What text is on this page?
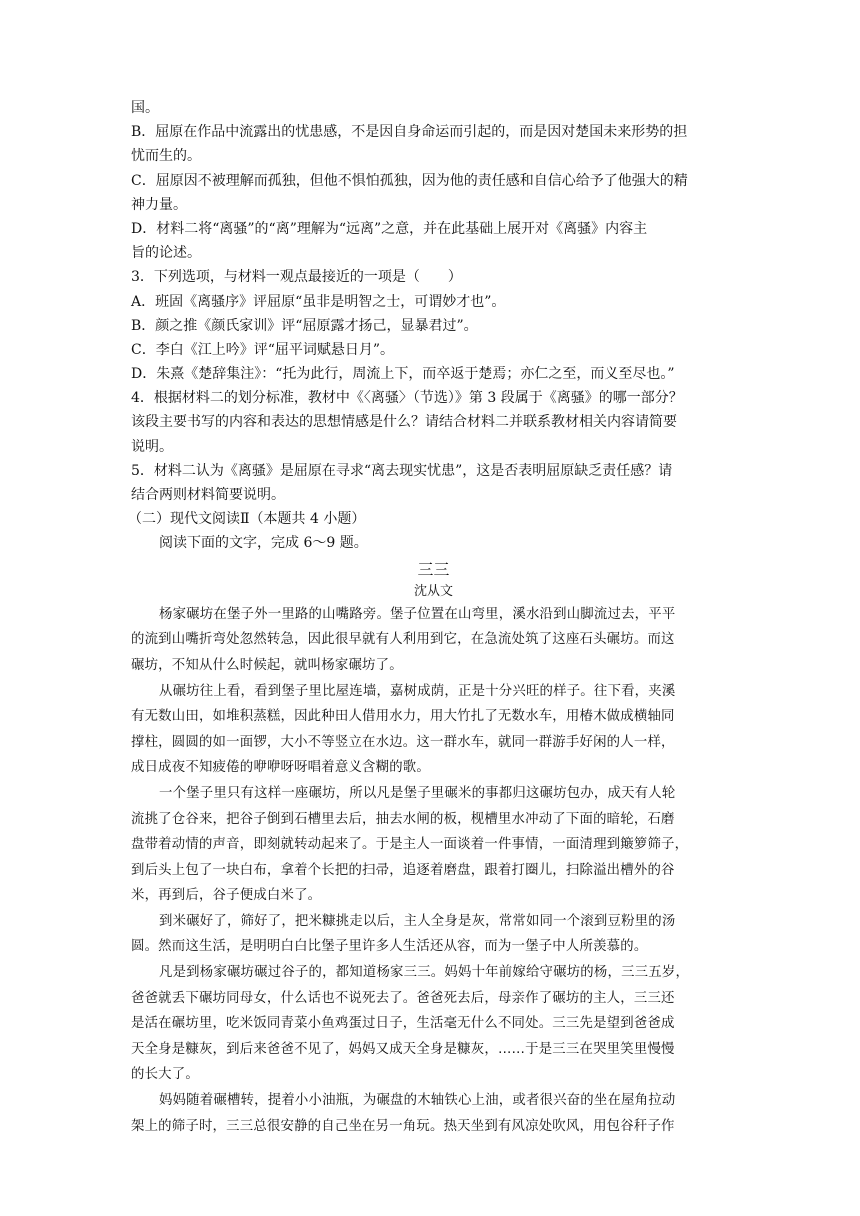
国。
B．屈原在作品中流露出的忧患感，不是因自身命运而引起的，而是因对楚国未来形势的担
忧而生的。
C．屈原因不被理解而孤独，但他不惧怕孤独，因为他的责任感和自信心给予了他强大的精
神力量。
D．材料二将“离骚”的“离”理解为“远离”之意，并在此基础上展开对《离骚》内容主
旨的论述。
3．下列选项，与材料一观点最接近的一项是（　　）
A．班固《离骚序》评屈原“虽非是明智之士，可谓妙才也”。
B．颜之推《颜氏家训》评“屈原露才扬己，显暴君过”。
C．李白《江上吟》评“屈平词赋悬日月”。
D．朱熹《楚辞集注》：“托为此行，周流上下，而卒返于楚焉；亦仁之至，而义至尽也。”
4．根据材料二的划分标准，教材中《〈离骚〉（节选）》第 3 段属于《离骚》的哪一部分？
该段主要书写的内容和表达的思想情感是什么？请结合材料二并联系教材相关内容请简要
说明。
5．材料二认为《离骚》是屈原在寻求“离去现实忧患”，这是否表明屈原缺乏责任感？请
结合两则材料简要说明。
（二）现代文阅读Ⅱ（本题共 4 小题）
阅读下面的文字，完成 6～9 题。
三三
沈从文
杨家碾坊在堡子外一里路的山嘴路旁。堡子位置在山弯里，溪水沿到山脚流过去，平平
的流到山嘴折弯处忽然转急，因此很早就有人利用到它，在急流处筑了这座石头碾坊。而这
碾坊，不知从什么时候起，就叫杨家碾坊了。
从碾坊往上看，看到堡子里比屋连墙，嘉树成荫，正是十分兴旺的样子。往下看，夹溪
有无数山田，如堆积蒸糕，因此种田人借用水力，用大竹扎了无数水车，用椿木做成横轴同
撑柱，圆圆的如一面锣，大小不等竖立在水边。这一群水车，就同一群游手好闲的人一样，
成日成夜不知疲倦的咿咿呀呀唱着意义含糊的歌。
一个堡子里只有这样一座碾坊，所以凡是堡子里碾米的事都归这碾坊包办，成天有人轮
流挑了仓谷来，把谷子倒到石槽里去后，抽去水闸的板，枧槽里水冲动了下面的暗轮，石磨
盘带着动情的声音，即刻就转动起来了。于是主人一面谈着一件事情，一面清理到簸箩筛子，
到后头上包了一块白布，拿着个长把的扫帚，追逐着磨盘，跟着打圈儿，扫除溢出槽外的谷
米，再到后，谷子便成白米了。
到米碾好了，筛好了，把米糠挑走以后，主人全身是灰，常常如同一个滚到豆粉里的汤
圆。然而这生活，是明明白白比堡子里许多人生活还从容，而为一堡子中人所羡慕的。
凡是到杨家碾坊碾过谷子的，都知道杨家三三。妈妈十年前嫁给守碾坊的杨，三三五岁，
爸爸就丢下碾坊同母女，什么话也不说死去了。爸爸死去后，母亲作了碾坊的主人，三三还
是活在碾坊里，吃米饭同青菜小鱼鸡蛋过日子，生活毫无什么不同处。三三先是望到爸爸成
天全身是糠灰，到后来爸爸不见了，妈妈又成天全身是糠灰，……于是三三在哭里笑里慢慢
的长大了。
妈妈随着碾槽转，提着小小油瓶，为碾盘的木轴铁心上油，或者很兴奋的坐在屋角拉动
架上的筛子时，三三总很安静的自己坐在另一角玩。热天坐到有风凉处吹风，用包谷秆子作
